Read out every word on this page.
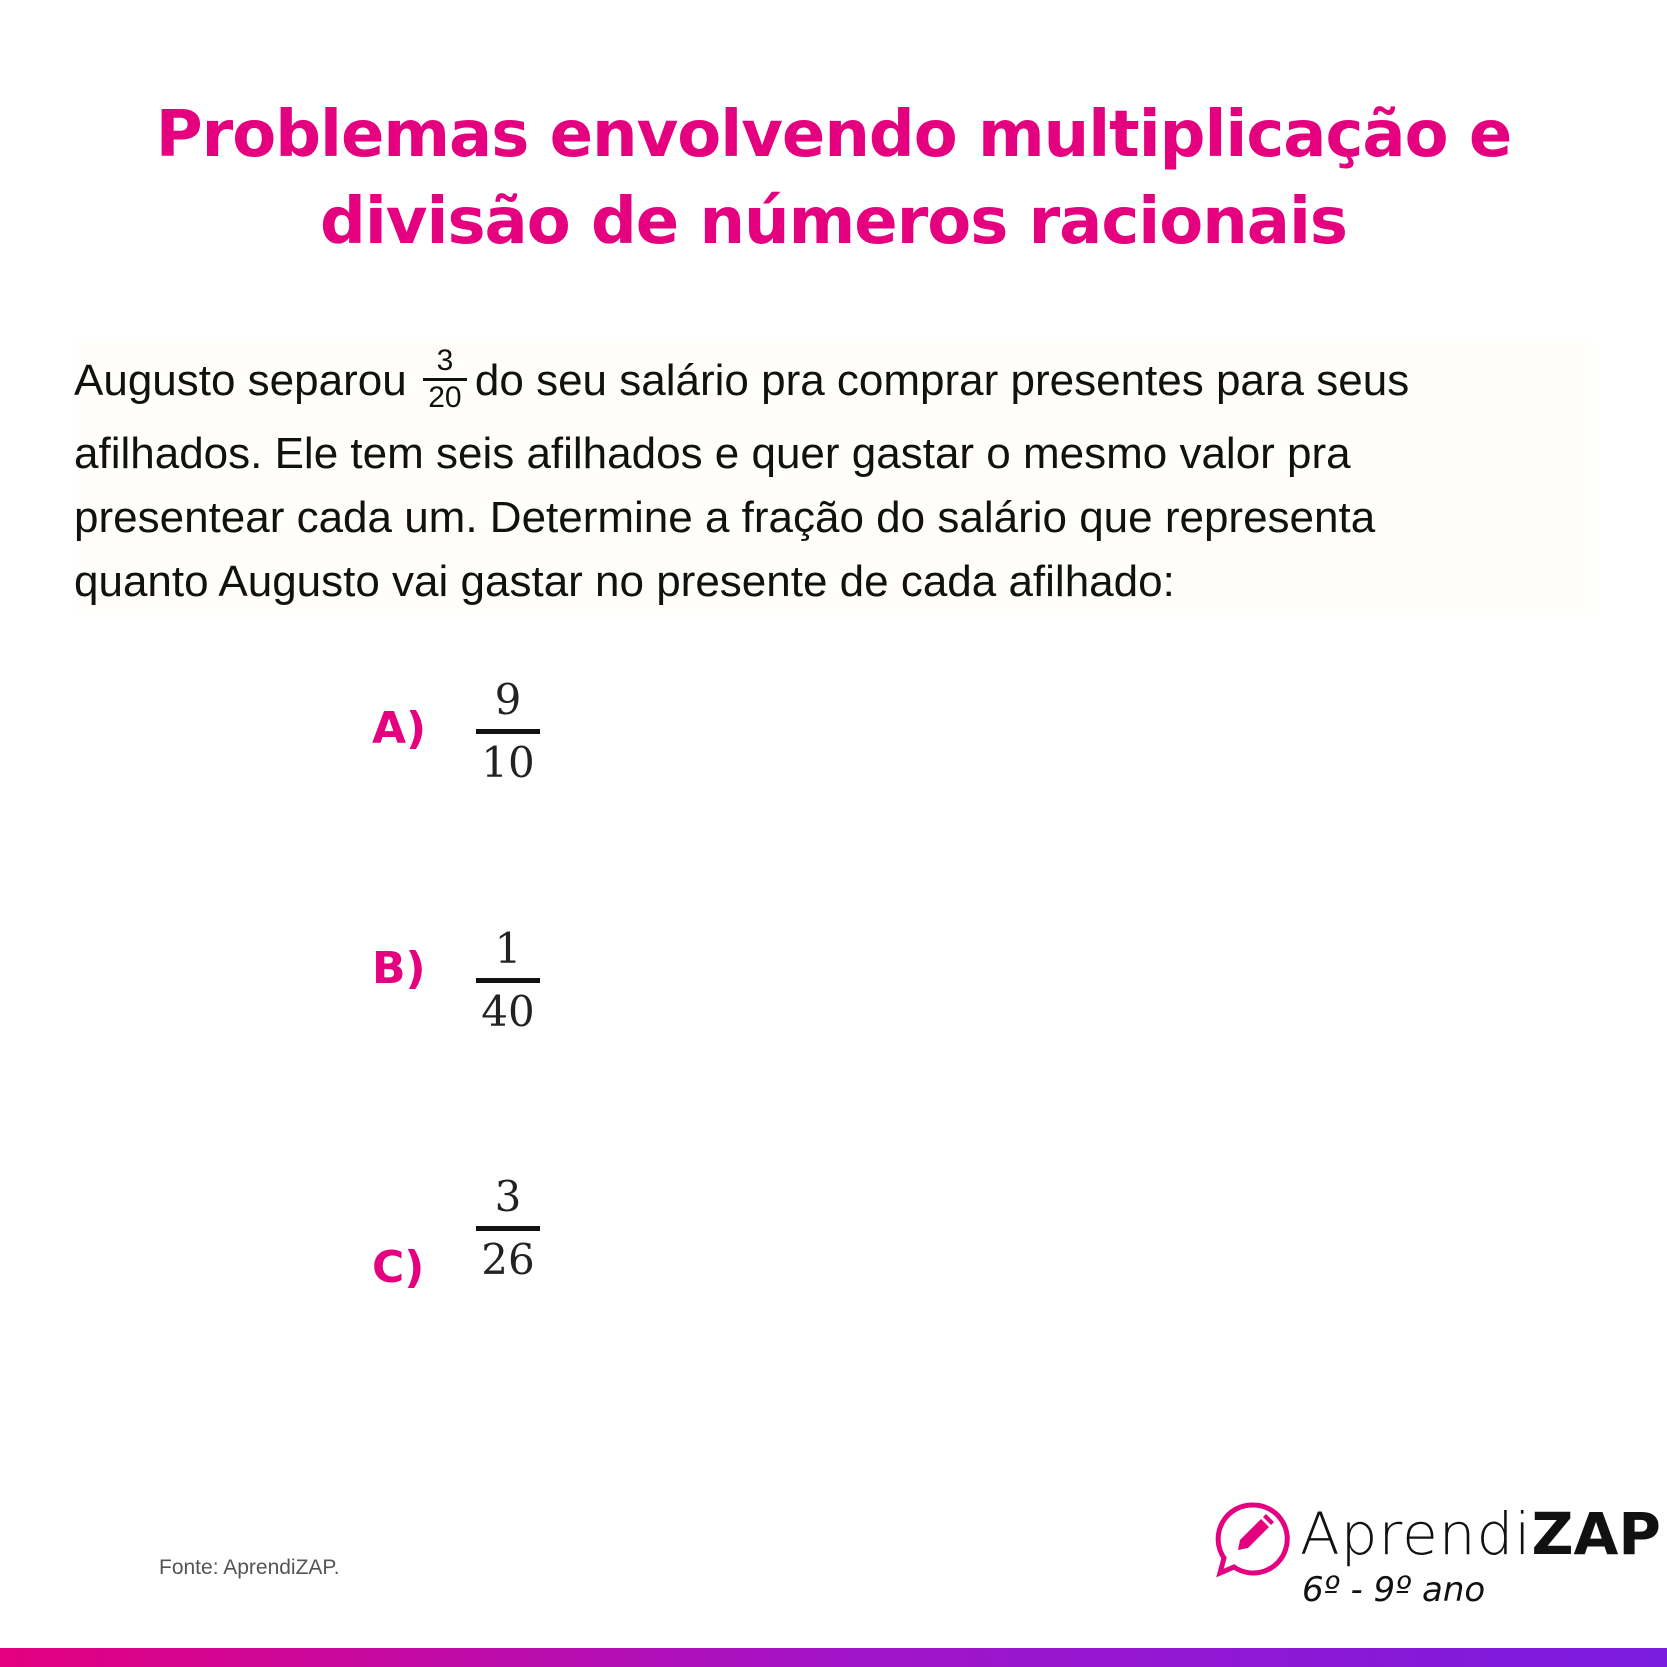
Problemas envolvendo multiplicação e
divisão de números racionais
Augusto separou $\frac{3}{20}$ do seu salário pra comprar presentes para seus
afilhados. Ele tem seis afilhados e quer gastar o mesmo valor pra
presentear cada um. Determine a fração do salário que representa
quanto Augusto vai gastar no presente de cada afilhado:
A)
9
10
B) 1
40
C)
3
26
Fonte: AprendiZAP.	AprendiZAP
6º - 9º ano
